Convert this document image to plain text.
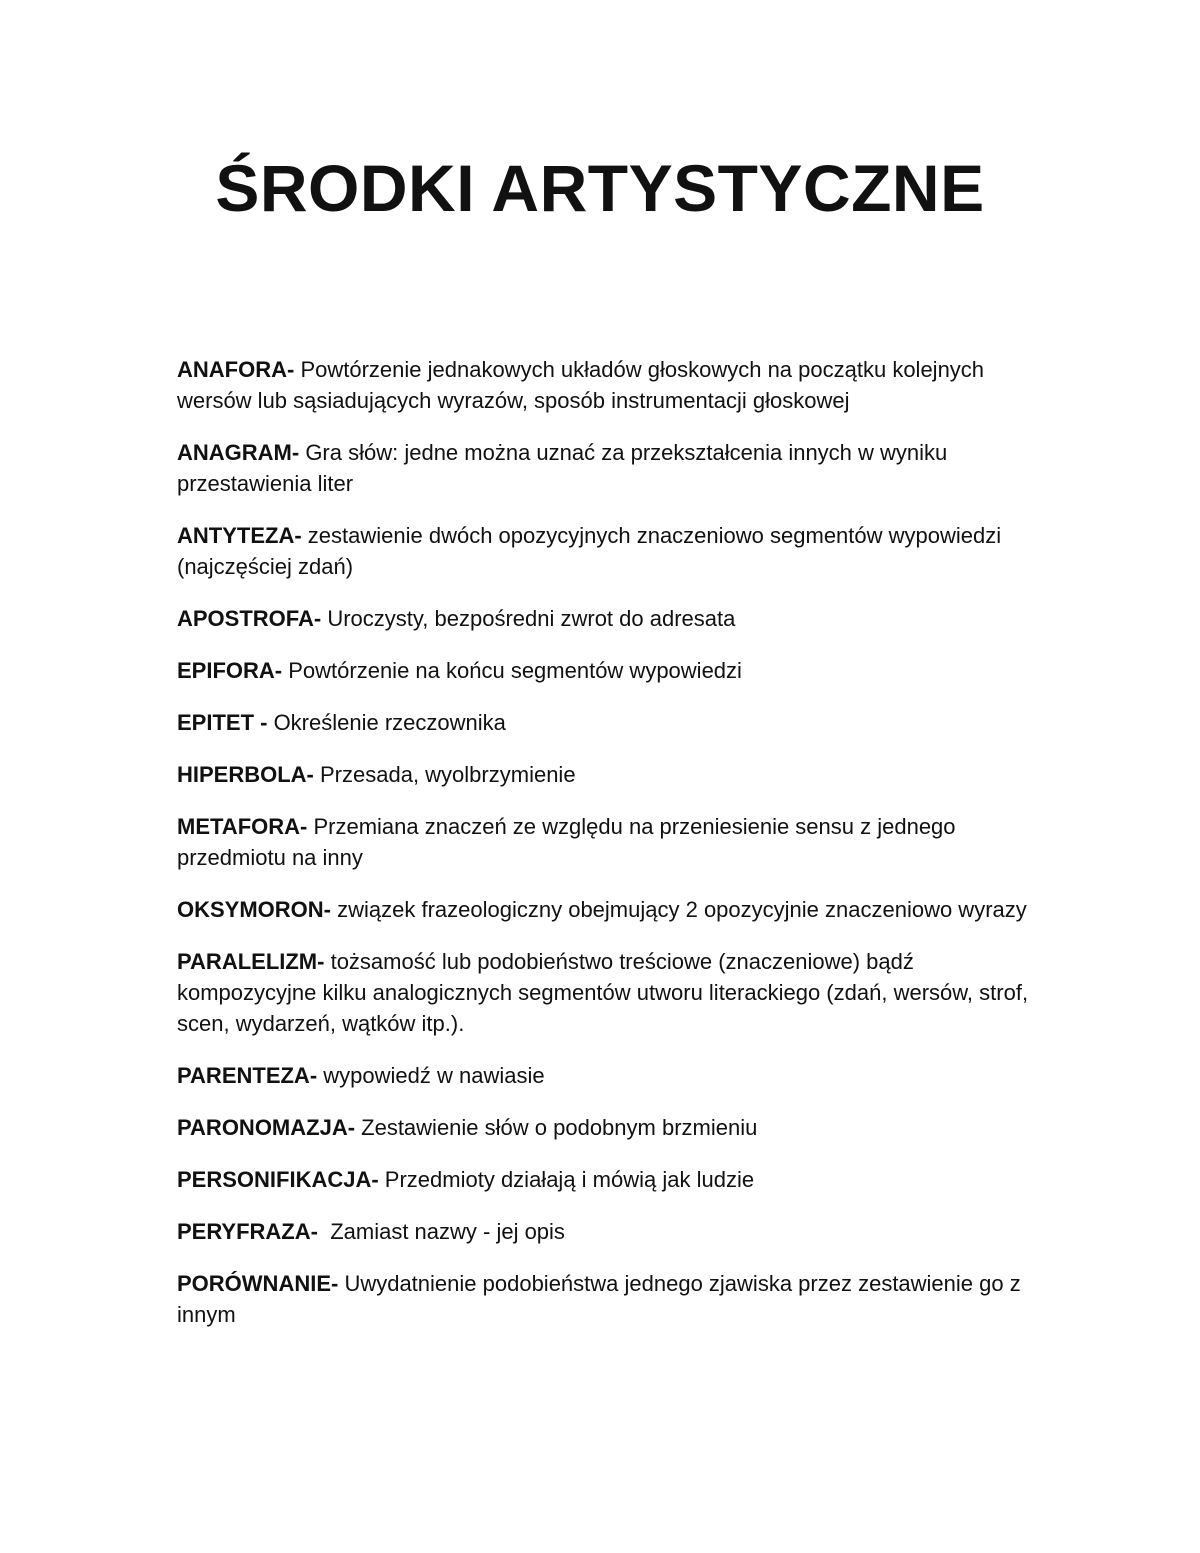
ŚRODKI ARTYSTYCZNE

ANAFORA- Powtórzenie jednakowych układów głoskowych na początku kolejnych wersów lub sąsiadujących wyrazów, sposób instrumentacji głoskowej

ANAGRAM- Gra słów: jedne można uznać za przekształcenia innych w wyniku przestawienia liter

ANTYTEZA- zestawienie dwóch opozycyjnych znaczeniowo segmentów wypowiedzi (najczęściej zdań)

APOSTROFA- Uroczysty, bezpośredni zwrot do adresata

EPIFORA- Powtórzenie na końcu segmentów wypowiedzi

EPITET - Określenie rzeczownika

HIPERBOLA- Przesada, wyolbrzymienie

METAFORA- Przemiana znaczeń ze względu na przeniesienie sensu z jednego przedmiotu na inny

OKSYMORON- związek frazeologiczny obejmujący 2 opozycyjnie znaczeniowo wyrazy

PARALELIZM- tożsamość lub podobieństwo treściowe (znaczeniowe) bądź kompozycyjne kilku analogicznych segmentów utworu literackiego (zdań, wersów, strof, scen, wydarzeń, wątków itp.).

PARENTEZA- wypowiedź w nawiasie

PARONOMAZJA- Zestawienie słów o podobnym brzmieniu

PERSONIFIKACJA- Przedmioty działają i mówią jak ludzie

PERYFRAZA-  Zamiast nazwy - jej opis

PORÓWNANIE- Uwydatnienie podobieństwa jednego zjawiska przez zestawienie go z innym
